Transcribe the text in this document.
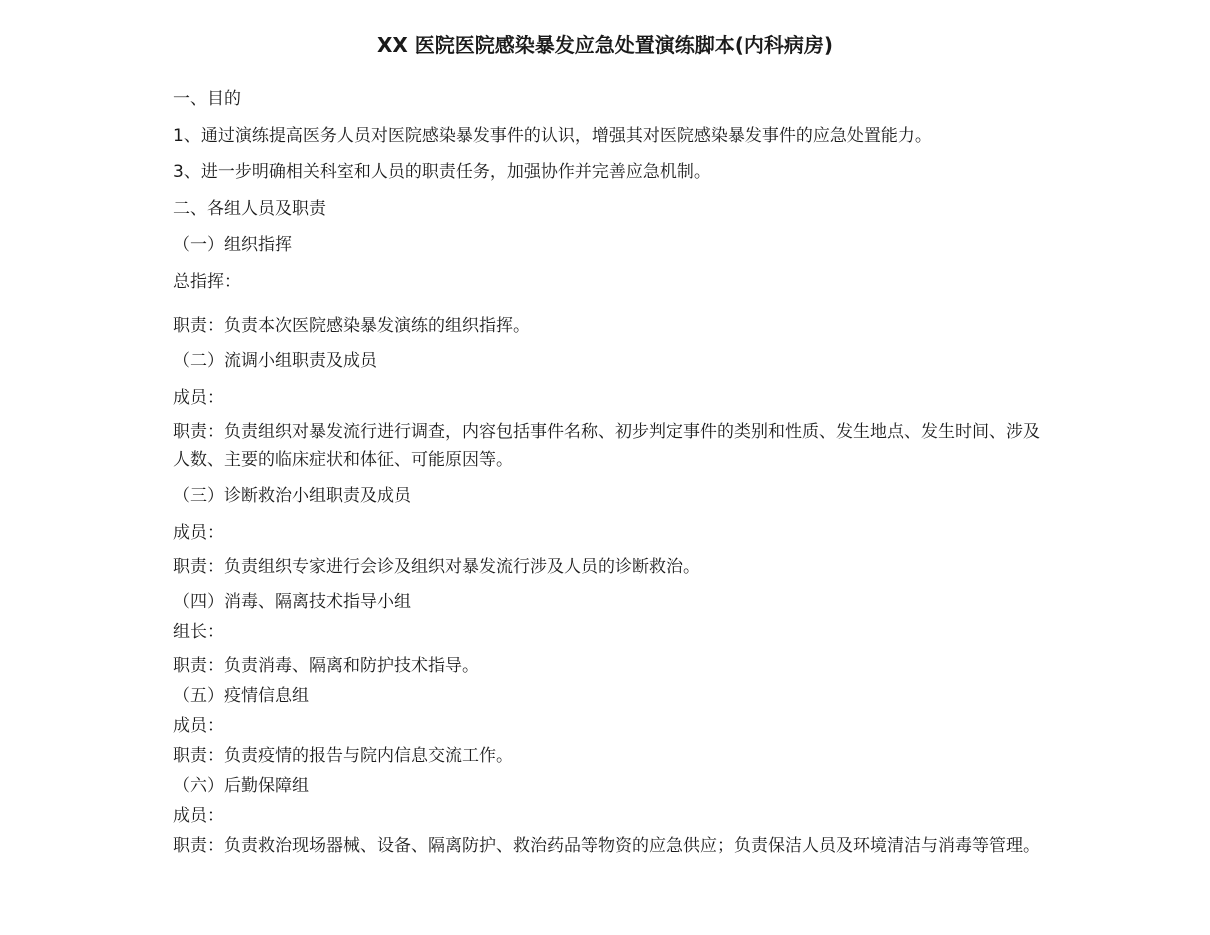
XX 医院医院感染暴发应急处置演练脚本(内科病房)
一、目的
1、通过演练提高医务人员对医院感染暴发事件的认识，增强其对医院感染暴发事件的应急处置能力。
3、进一步明确相关科室和人员的职责任务，加强协作并完善应急机制。
二、各组人员及职责
（一）组织指挥
总指挥：
职责：负责本次医院感染暴发演练的组织指挥。
（二）流调小组职责及成员
成员：
职责：负责组织对暴发流行进行调查，内容包括事件名称、初步判定事件的类别和性质、发生地点、发生时间、涉及人数、主要的临床症状和体征、可能原因等。
（三）诊断救治小组职责及成员
成员：
职责：负责组织专家进行会诊及组织对暴发流行涉及人员的诊断救治。
（四）消毒、隔离技术指导小组
组长：
职责：负责消毒、隔离和防护技术指导。
（五）疫情信息组
成员：
职责：负责疫情的报告与院内信息交流工作。
（六）后勤保障组
成员：
职责：负责救治现场器械、设备、隔离防护、救治药品等物资的应急供应；负责保洁人员及环境清洁与消毒等管理。
